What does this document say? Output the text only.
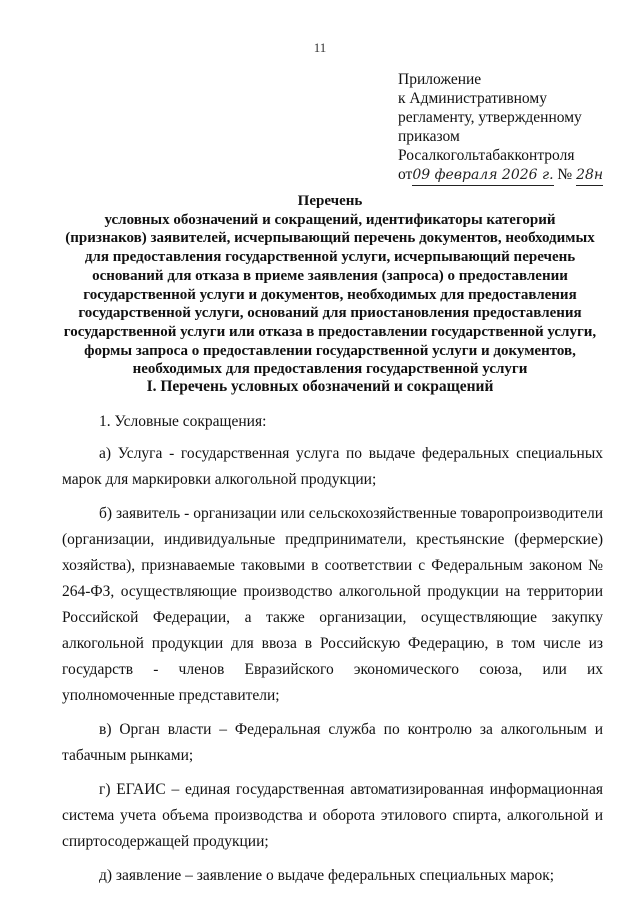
11
Приложение
к Административному
регламенту, утвержденному
приказом
Росалкогольтабакконтроля
от09 февраля 2026 г. № 28н
Перечень
условных обозначений и сокращений, идентификаторы категорий
(признаков) заявителей, исчерпывающий перечень документов, необходимых
для предоставления государственной услуги, исчерпывающий перечень
оснований для отказа в приеме заявления (запроса) о предоставлении
государственной услуги и документов, необходимых для предоставления
государственной услуги, оснований для приостановления предоставления
государственной услуги или отказа в предоставлении государственной услуги,
формы запроса о предоставлении государственной услуги и документов,
необходимых для предоставления государственной услуги
I. Перечень условных обозначений и сокращений

1. Условные сокращения:

а) Услуга - государственная услуга по выдаче федеральных специальных марок для маркировки алкогольной продукции;

б) заявитель - организации или сельскохозяйственные товаропроизводители (организации, индивидуальные предприниматели, крестьянские (фермерские) хозяйства), признаваемые таковыми в соответствии с Федеральным законом № 264-ФЗ, осуществляющие производство алкогольной продукции на территории Российской Федерации, а также организации, осуществляющие закупку алкогольной продукции для ввоза в Российскую Федерацию, в том числе из государств - членов Евразийского экономического союза, или их уполномоченные представители;

в) Орган власти – Федеральная служба по контролю за алкогольным и табачным рынками;

г) ЕГАИС – единая государственная автоматизированная информационная система учета объема производства и оборота этилового спирта, алкогольной и спиртосодержащей продукции;

д) заявление – заявление о выдаче федеральных специальных марок;
